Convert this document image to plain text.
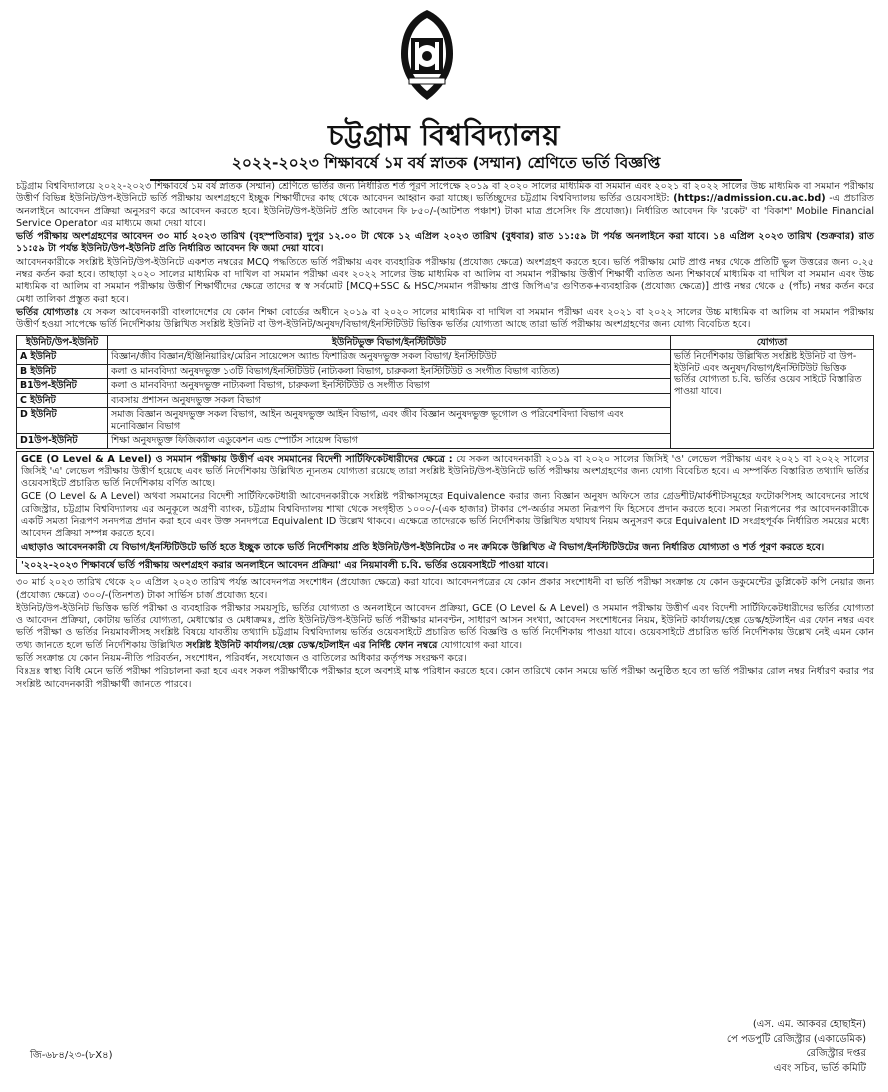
চট্টগ্রাম বিশ্ববিদ্যালয়
২০২২-২০২৩ শিক্ষাবর্ষে ১ম বর্ষ স্নাতক (সম্মান) শ্রেণিতে ভর্তি বিজ্ঞপ্তি

চট্টগ্রাম বিশ্ববিদ্যালয়ে ২০২২-২০২৩ শিক্ষাবর্ষে ১ম বর্ষ স্নাতক (সম্মান) শ্রেণিতে ভর্তির জন্য নির্ধারিত শর্ত পূরণ সাপেক্ষে ২০১৯ বা ২০২০ সালের মাধ্যমিক বা সমমান এবং ২০২১ বা ২০২২ সালের উচ্চ মাধ্যমিক বা সমমান পরীক্ষায় উত্তীর্ণ বিভিন্ন ইউনিট/উপ-ইউনিটে ভর্তি পরীক্ষায় অংশগ্রহণে ইচ্ছুক শিক্ষার্থীদের কাছ থেকে আবেদন আহ্বান করা যাচ্ছে। ভর্তিচ্ছুদের চট্টগ্রাম বিশ্ববিদ্যালয় ভর্তির ওয়েবসাইট: (https://admission.cu.ac.bd) -এ প্রচারিত অনলাইনে আবেদন প্রক্রিয়া অনুসরণ করে আবেদন করতে হবে। ইউনিট/উপ-ইউনিট প্রতি আবেদন ফি ৮৫০/-(আটশত পঞ্চাশ) টাকা মাত্র প্রসেসিং ফি প্রযোজ্য)। নির্ধারিত আবেদন ফি 'রকেট' বা 'বিকাশ' Mobile Financial Service Operator এর মাধ্যমে জমা দেয়া যাবে।

ভর্তি পরীক্ষায় অংশগ্রহণের আবেদন ৩০ মার্চ ২০২৩ তারিখ (বৃহস্পতিবার) দুপুর ১২.০০ টা থেকে ১২ এপ্রিল ২০২৩ তারিখ (বুধবার) রাত ১১:৫৯ টা পর্যন্ত অনলাইনে করা যাবে। ১৪ এপ্রিল ২০২৩ তারিখ (শুক্রবার) রাত ১১:৫৯ টা পর্যন্ত ইউনিট/উপ-ইউনিট প্রতি নির্ধারিত আবেদন ফি জমা দেয়া যাবে।

আবেদনকারীকে সংশ্লিষ্ট ইউনিট/উপ-ইউনিটে একশত নম্বরের MCQ পদ্ধতিতে ভর্তি পরীক্ষায় এবং ব্যবহারিক পরীক্ষায় (প্রযোজ্য ক্ষেত্রে) অংশগ্রহণ করতে হবে। ভর্তি পরীক্ষায় মোট প্রাপ্ত নম্বর থেকে প্রতিটি ভুল উত্তরের জন্য ০.২৫ নম্বর কর্তন করা হবে। তাছাড়া ২০২০ সালের মাধ্যমিক বা দাখিল বা সমমান পরীক্ষা এবং ২০২২ সালের উচ্চ মাধ্যমিক বা আলিম বা সমমান পরীক্ষায় উত্তীর্ণ শিক্ষার্থী ব্যতিত অন্য শিক্ষাবর্ষে মাধ্যমিক বা দাখিল বা সমমান এবং উচ্চ মাধ্যমিক বা আলিম বা সমমান পরীক্ষায় উত্তীর্ণ শিক্ষার্থীদের ক্ষেত্রে তাদের স্ব স্ব সর্বমোট [MCQ+SSC & HSC/সমমান পরীক্ষায় প্রাপ্ত জিপিএ'র গুণিতক+ব্যবহারিক (প্রযোজ্য ক্ষেত্রে)] প্রাপ্ত নম্বর থেকে ৫ (পাঁচ) নম্বর কর্তন করে মেধা তালিকা প্রস্তুত করা হবে।

ভর্তির যোগ্যতাঃ যে সকল আবেদনকারী বাংলাদেশের যে কোন শিক্ষা বোর্ডের অধীনে ২০১৯ বা ২০২০ সালের মাধ্যমিক বা দাখিল বা সমমান পরীক্ষা এবং ২০২১ বা ২০২২ সালের উচ্চ মাধ্যমিক বা আলিম বা সমমান পরীক্ষায় উত্তীর্ণ হওয়া সাপেক্ষে ভর্তি নির্দেশিকায় উল্লিখিত সংশ্লিষ্ট ইউনিট বা উপ-ইউনিট/অনুষদ/বিভাগ/ইনস্টিটিউট ভিত্তিক ভর্তির যোগ্যতা আছে তারা ভর্তি পরীক্ষায় অংশগ্রহণের জন্য যোগ্য বিবেচিত হবে।

ইউনিট/উপ-ইউনিট	ইউনিটভুক্ত বিভাগ/ইনস্টিটিউট	যোগ্যতা
A ইউনিট	বিজ্ঞান/জীব বিজ্ঞান/ইঞ্জিনিয়ারিং/মেরিন সায়েন্সেস অ্যান্ড ফিশারিজ অনুষদভুক্ত সকল বিভাগ/ ইনস্টিটিউট	ভর্তি নির্দেশিকায় উল্লিখিত সংশ্লিষ্ট ইউনিট বা উপ-ইউনিট এবং অনুষদ/বিভাগ/ইনস্টিটিউট ভিত্তিক ভর্তির যোগ্যতা চ.বি. ভর্তির ওয়েব সাইটে বিস্তারিত পাওয়া যাবে।
B ইউনিট	কলা ও মানববিদ্যা অনুষদভুক্ত ১৩টি বিভাগ/ইনস্টিটিউট (নাট্যকলা বিভাগ, চারুকলা ইনস্টিটিউট ও সংগীত বিভাগ ব্যতিত)	
B1উপ-ইউনিট	কলা ও মানববিদ্যা অনুষদভুক্ত নাট্যকলা বিভাগ, চারুকলা ইনস্টিটিউট ও সংগীত বিভাগ	
C ইউনিট	ব্যবসায় প্রশাসন অনুষদভুক্ত সকল বিভাগ	
D ইউনিট	সমাজ বিজ্ঞান অনুষদভুক্ত সকল বিভাগ, আইন অনুষদভুক্ত আইন বিভাগ, এবং জীব বিজ্ঞান অনুষদভুক্ত ভূগোল ও পরিবেশবিদ্যা বিভাগ এবং মনোবিজ্ঞান বিভাগ	
D1উপ-ইউনিট	শিক্ষা অনুষদভুক্ত ফিজিক্যাল এডুকেশন এন্ড স্পোর্টস সায়েন্স বিভাগ	

GCE (O Level & A Level) ও সমমান পরীক্ষায় উত্তীর্ণ এবং সমমানের বিদেশী সার্টিফিকেটধারীদের ক্ষেত্রে : যে সকল আবেদনকারী ২০১৯ বা ২০২০ সালের জিসিই 'ও' লেভেল পরীক্ষায় এবং ২০২১ বা ২০২২ সালের জিসিই 'এ' লেভেল পরীক্ষায় উত্তীর্ণ হয়েছে এবং ভর্তি নির্দেশিকায় উল্লিখিত ন্যূনতম যোগ্যতা রয়েছে তারা সংশ্লিষ্ট ইউনিট/উপ-ইউনিটে ভর্তি পরীক্ষায় অংশগ্রহণের জন্য যোগ্য বিবেচিত হবে। এ সম্পর্কিত বিস্তারিত তথ্যাদি ভর্তির ওয়েবসাইটে প্রচারিত ভর্তি নির্দেশিকায় বর্ণিত আছে।

GCE (O Level & A Level) অথবা সমমানের বিদেশী সার্টিফিকেটধারী আবেদনকারীকে সংশ্লিষ্ট পরীক্ষাসমূহের Equivalence করার জন্য বিজ্ঞান অনুষদ অফিসে তার গ্রেডশীট/মার্কশীটসমূহের ফটোকপিসহ আবেদনের সাথে রেজিস্ট্রার, চট্টগ্রাম বিশ্ববিদ্যালয় এর অনুকূলে অগ্রণী ব্যাংক, চট্টগ্রাম বিশ্ববিদ্যালয় শাখা থেকে সংগৃহীত ১০০০/-(এক হাজার) টাকার পে-অর্ডার সমতা নিরূপণ ফি হিসেবে প্রদান করতে হবে। সমতা নিরূপনের পর আবেদনকারীকে একটি সমতা নিরূপণ সনদপত্র প্রদান করা হবে এবং উক্ত সনদপত্রে Equivalent ID উল্লেখ থাকবে। এক্ষেত্রে তাদেরকে ভর্তি নির্দেশিকায় উল্লিখিত যথাযথ নিয়ম অনুসরণ করে Equivalent ID সংগ্রহপূর্বক নির্ধারিত সময়ের মধ্যে আবেদন প্রক্রিয়া সম্পন্ন করতে হবে।

এছাড়াও আবেদনকারী যে বিভাগ/ইনস্টিটিউটে ভর্তি হতে ইচ্ছুক তাকে ভর্তি নির্দেশিকায় প্রতি ইউনিট/উপ-ইউনিটের ৩ নং ক্রমিকে উল্লিখিত ঐ বিভাগ/ইনস্টিটিউটের জন্য নির্ধারিত যোগ্যতা ও শর্ত পূরণ করতে হবে।

'২০২২-২০২৩ শিক্ষাবর্ষে ভর্তি পরীক্ষায় অংশগ্রহণ করার অনলাইনে আবেদন প্রক্রিয়া' এর নিয়মাবলী চ.বি. ভর্তির ওয়েবসাইটে পাওয়া যাবে।

৩০ মার্চ ২০২৩ তারিখ থেকে ২০ এপ্রিল ২০২৩ তারিখ পর্যন্ত আবেদনপত্র সংশোধন (প্রযোজ্য ক্ষেত্রে) করা যাবে। আবেদনপত্রের যে কোন প্রকার সংশোধনী বা ভর্তি পরীক্ষা সংক্রান্ত যে কোন ডকুমেন্টের ডুপ্লিকেট কপি নেয়ার জন্য (প্রযোজ্য ক্ষেত্রে) ৩০০/-(তিনশত) টাকা সার্ভিস চার্জ প্রযোজ্য হবে।

ইউনিট/উপ-ইউনিট ভিত্তিক ভর্তি পরীক্ষা ও ব্যবহারিক পরীক্ষার সময়সূচি, ভর্তির যোগ্যতা ও অনলাইনে আবেদন প্রক্রিয়া, GCE (O Level & A Level) ও সমমান পরীক্ষায় উত্তীর্ণ এবং বিদেশী সার্টিফিকেটধারীদের ভর্তির যোগ্যতা ও আবেদন প্রক্রিয়া, কোটায় ভর্তির যোগ্যতা, মেধাস্কোর ও মেধাক্রমঃ, প্রতি ইউনিট/উপ-ইউনিট ভর্তি পরীক্ষার মানবণ্টন, সাধারণ আসন সংখ্যা, আবেদন সংশোধনের নিয়ম, ইউনিট কার্যালয়/হেল্প ডেস্ক/হটলাইন এর ফোন নম্বর এবং ভর্তি পরীক্ষা ও ভর্তির নিয়মাবলীসহ সংশ্লিষ্ট বিষয়ে যাবতীয় তথ্যাদি চট্টগ্রাম বিশ্ববিদ্যালয় ভর্তির ওয়েবসাইটে প্রচারিত ভর্তি বিজ্ঞপ্তি ও ভর্তি নির্দেশিকায় পাওয়া যাবে। ওয়েবসাইটে প্রচারিত ভর্তি নির্দেশিকায় উল্লেখ নেই এমন কোন তথ্য জানতে হলে ভর্তি নির্দেশিকায় উল্লিখিত সংশ্লিষ্ট ইউনিট কার্যালয়/হেল্প ডেস্ক/হটলাইন এর নির্দিষ্ট ফোন নম্বরে যোগাযোগ করা যাবে।

ভর্তি সংক্রান্ত যে কোন নিয়ম-নীতি পরিবর্তন, সংশোধন, পরিবর্ধন, সংযোজন ও বাতিলের অধিকার কর্তৃপক্ষ সংরক্ষণ করে।

বিঃদ্রঃ স্বাস্থ্য বিধি মেনে ভর্তি পরীক্ষা পরিচালনা করা হবে এবং সকল পরীক্ষার্থীকে পরীক্ষার হলে অবশ্যই মাস্ক পরিধান করতে হবে। কোন তারিখে কোন সময়ে ভর্তি পরীক্ষা অনুষ্ঠিত হবে তা ভর্তি পরীক্ষার রোল নম্বর নির্ধারণ করার পর সংশ্লিষ্ট আবেদনকারী পরীক্ষার্থী জানতে পারবে।

(এস. এম. আকবর হোছাইন)
পে পডপুটি রেজিস্ট্রার (একাডেমিক)
রেজিস্ট্রার দপ্তর
এবং সচিব, ভর্তি কমিটি
জি-৬৮৪/২৩-(৮X৪)
